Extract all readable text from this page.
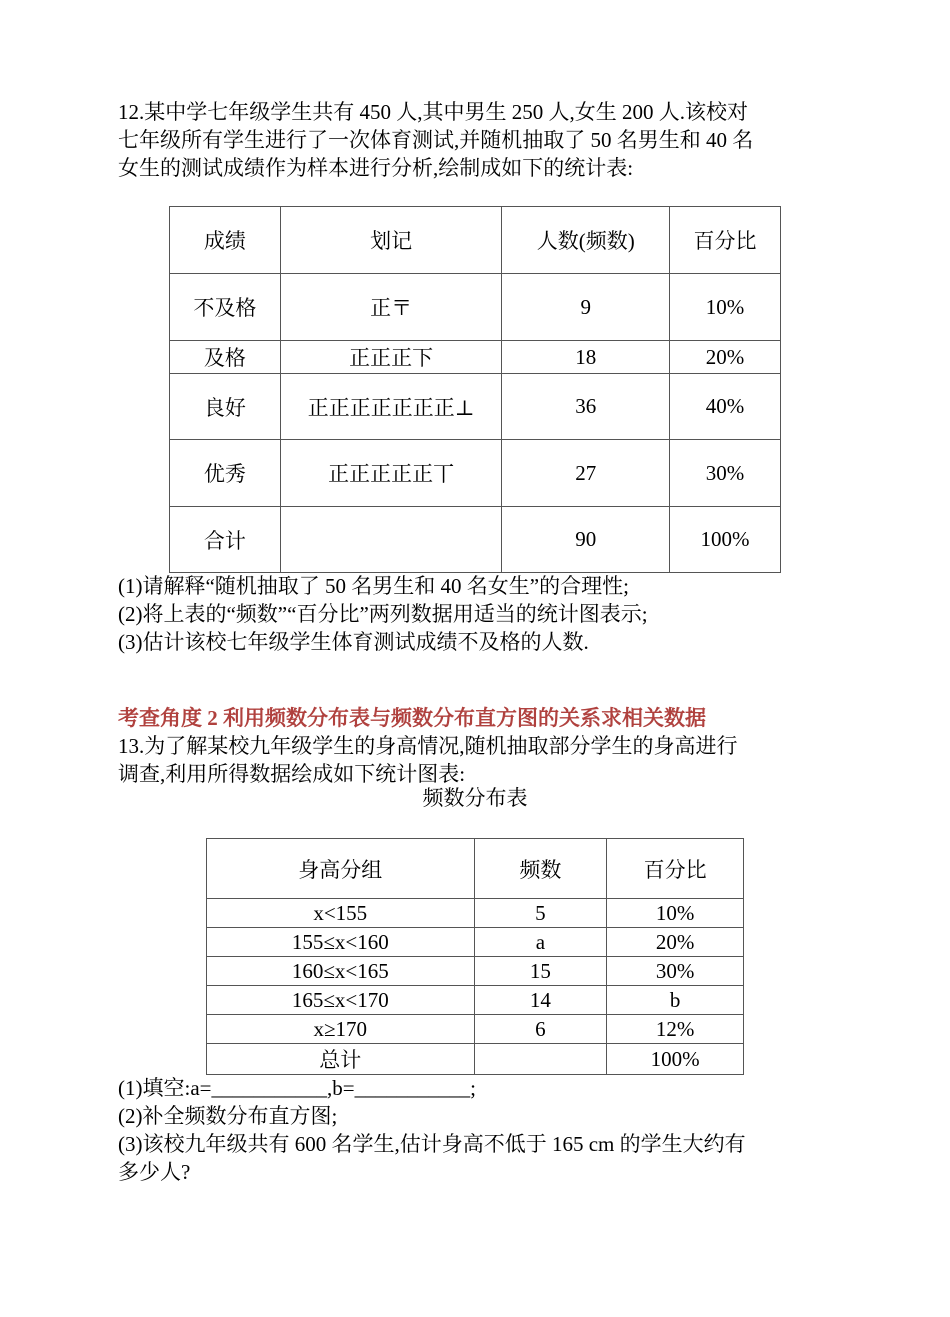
12.某中学七年级学生共有 450 人,其中男生 250 人,女生 200 人.该校对

七年级所有学生进行了一次体育测试,并随机抽取了 50 名男生和 40 名

女生的测试成绩作为样本进行分析,绘制成如下的统计表:

成绩	划记	人数(频数)	百分比
不及格	正〒	9	10%
及格	正正正下	18	20%
良好	正正正正正正正⊥	36	40%
优秀	正正正正正丅	27	30%
合计		90	100%

(1)请解释“随机抽取了 50 名男生和 40 名女生”的合理性;

(2)将上表的“频数”“百分比”两列数据用适当的统计图表示;

(3)估计该校七年级学生体育测试成绩不及格的人数.

考查角度 2 利用频数分布表与频数分布直方图的关系求相关数据

13.为了解某校九年级学生的身高情况,随机抽取部分学生的身高进行

调查,利用所得数据绘成如下统计图表:

频数分布表
身高分组	频数	百分比
x<155	5	10%
155≤x<160	a	20%
160≤x<165	15	30%
165≤x<170	14	b
x≥170	6	12%
总计		100%

(1)填空:a=___________,b=___________;

(2)补全频数分布直方图;

(3)该校九年级共有 600 名学生,估计身高不低于 165 cm 的学生大约有

多少人?
